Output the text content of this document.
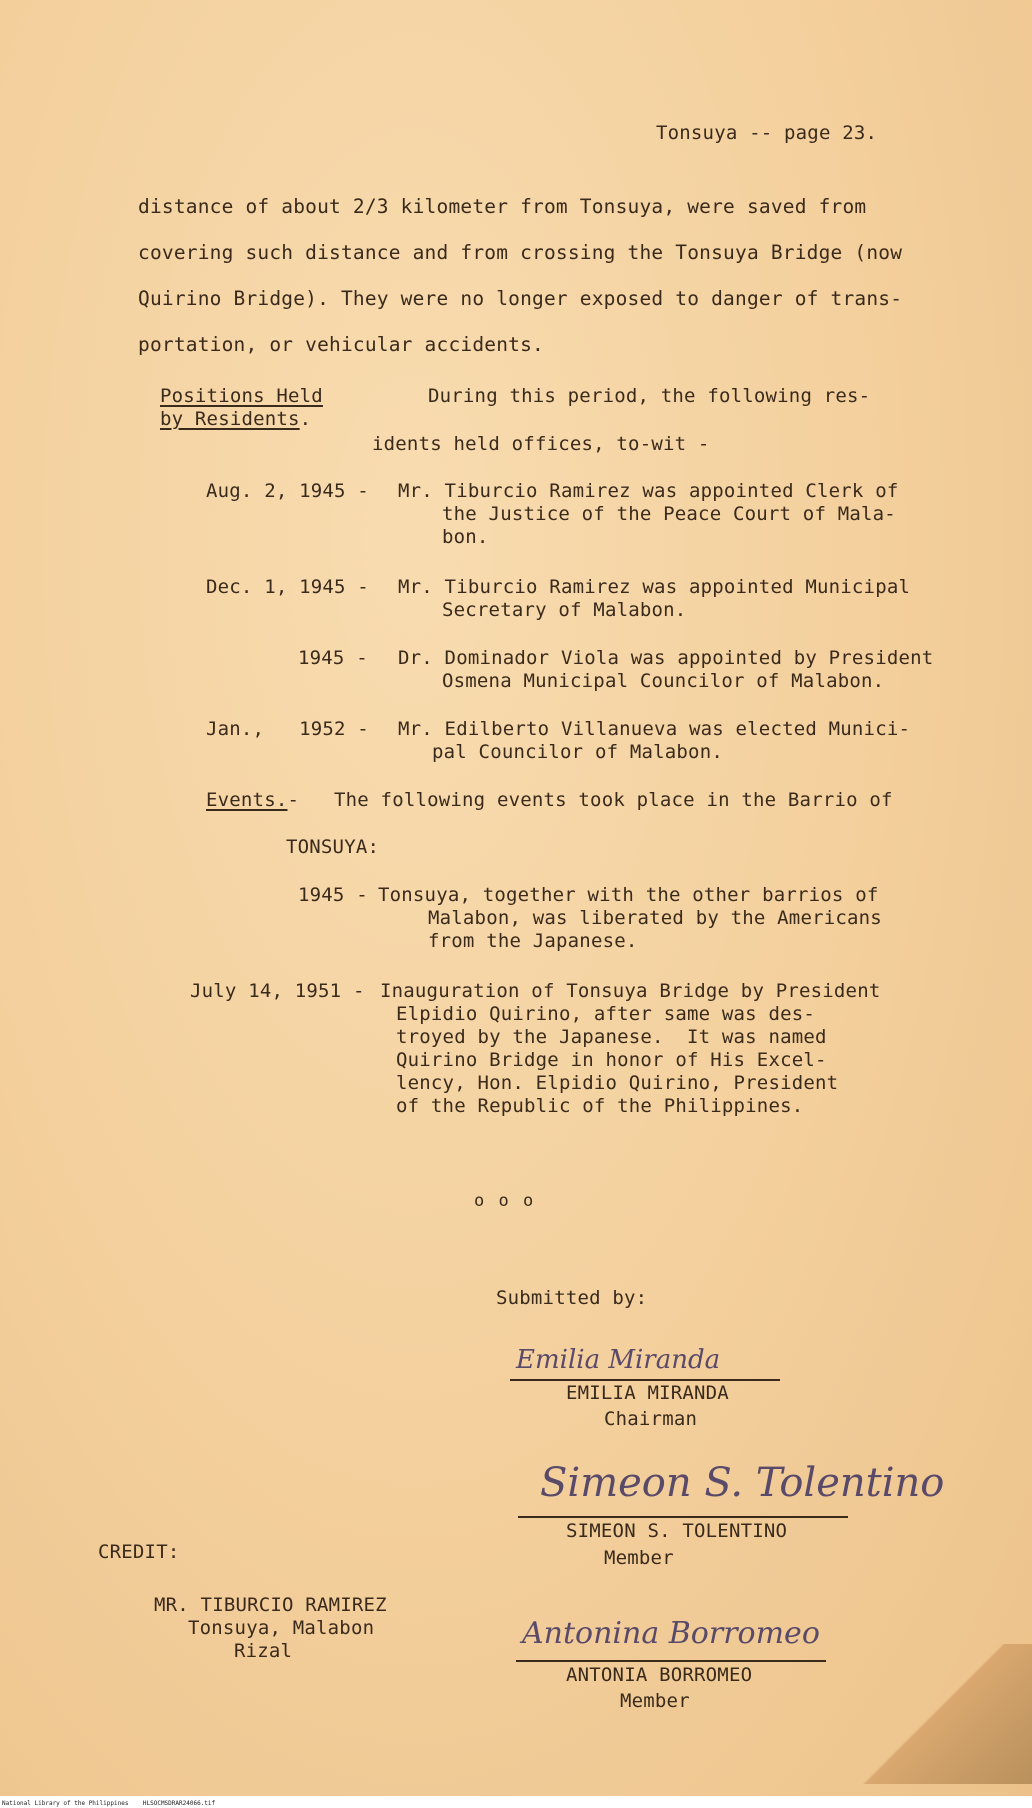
Tonsuya -- page 23.
distance of about 2/3 kilometer from Tonsuya, were saved from
covering such distance and from crossing the Tonsuya Bridge (now
Quirino Bridge). They were no longer exposed to danger of trans-
portation, or vehicular accidents.
Positions Held
by Residents.
During this period, the following res-
idents held offices, to-wit -
Aug. 2, 1945 - Mr. Tiburcio Ramirez was appointed Clerk of
the Justice of the Peace Court of Mala-
bon.
Dec. 1, 1945 - Mr. Tiburcio Ramirez was appointed Municipal
Secretary of Malabon.
1945 - Dr. Dominador Viola was appointed by President
Osmena Municipal Councilor of Malabon.
Jan.,   1952 - Mr. Edilberto Villanueva was elected Munici-
pal Councilor of Malabon.
Events.- The following events took place in the Barrio of
TONSUYA:
1945 -
Tonsuya, together with the other barrios of
Malabon, was liberated by the Americans
from the Japanese.
July 14, 1951 - Inauguration of Tonsuya Bridge by President
Elpidio Quirino, after same was des-
troyed by the Japanese.  It was named
Quirino Bridge in honor of His Excel-
lency, Hon. Elpidio Quirino, President
of the Republic of the Philippines.
o o o
Submitted by:
Emilia Miranda
EMILIA MIRANDA
Chairman
Simeon S. Tolentino
SIMEON S. TOLENTINO
Member
Antonina Borromeo
ANTONIA BORROMEO
Member
CREDIT:
MR. TIBURCIO RAMIREZ
Tonsuya, Malabon
Rizal
National Library of the Philippines    HLSOCMSDRAR24066.tif
